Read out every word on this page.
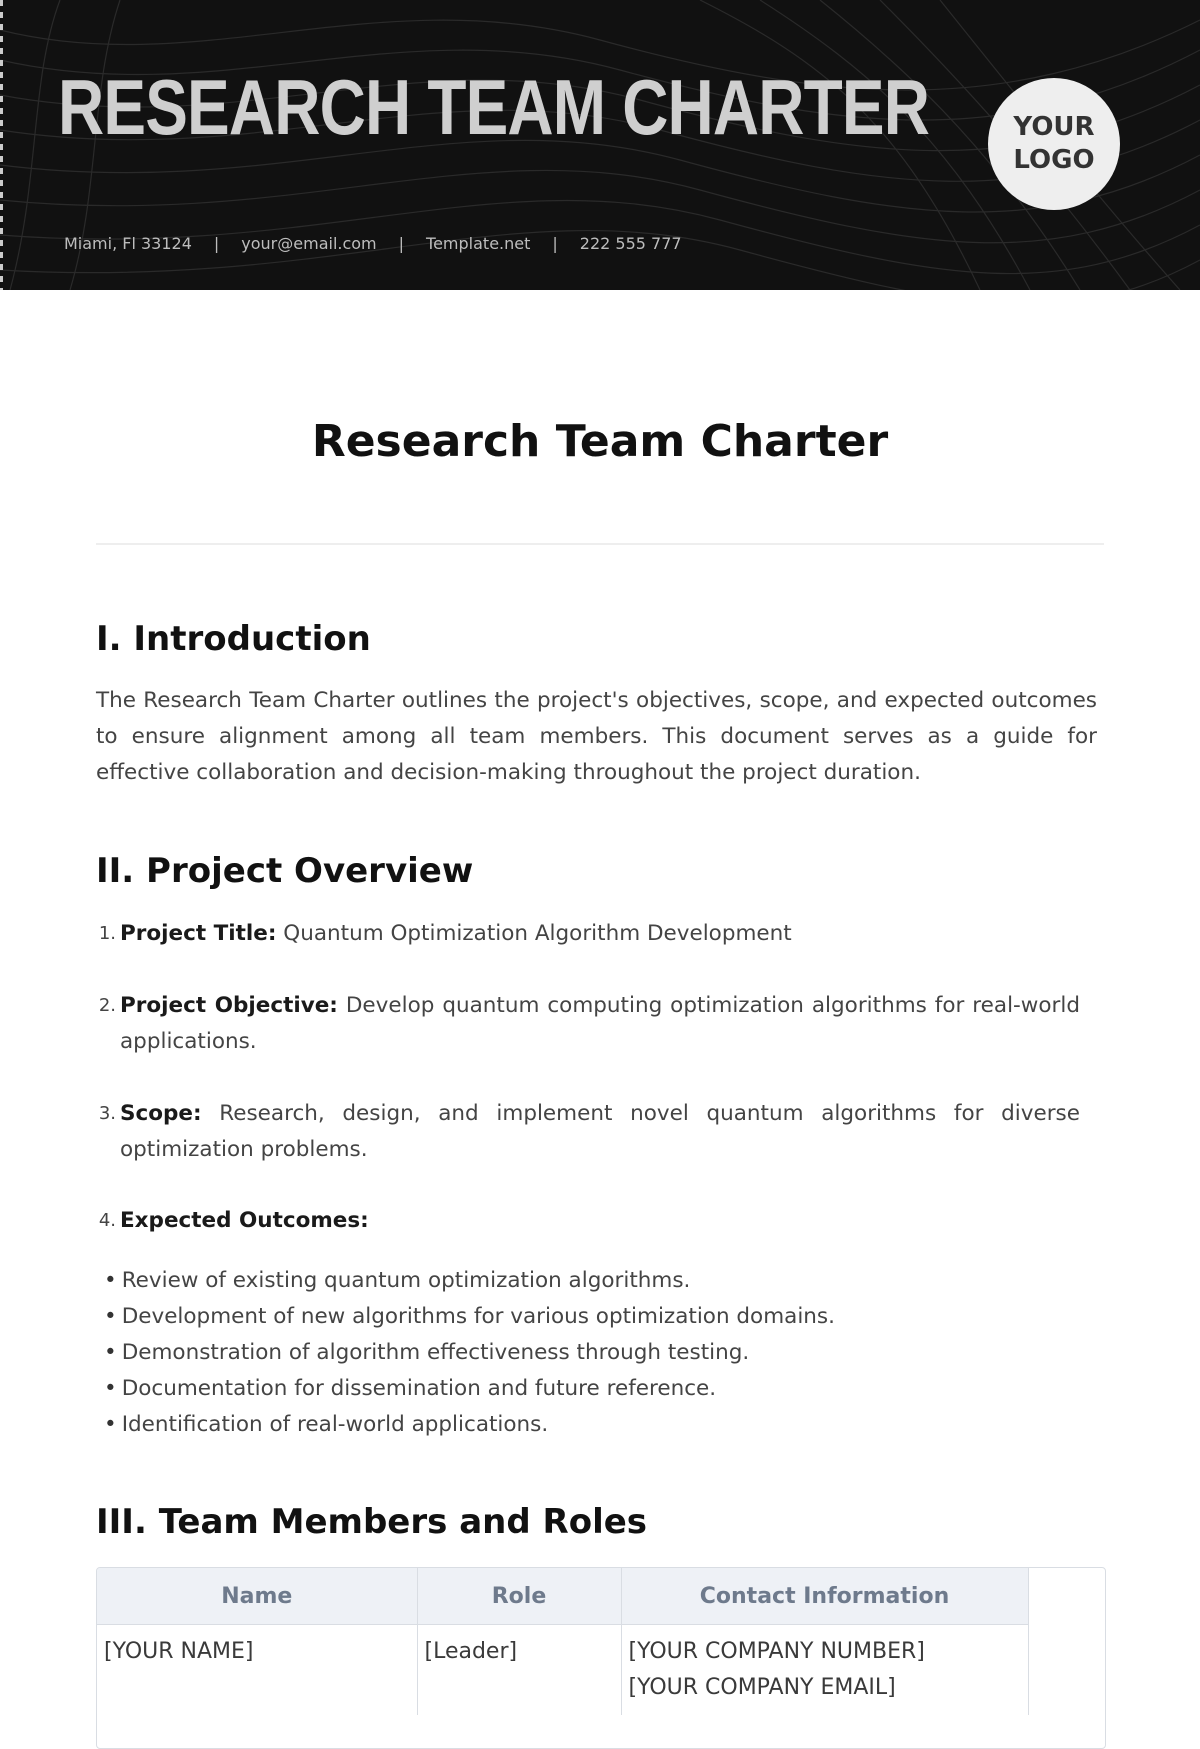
RESEARCH TEAM CHARTER
Miami, Fl 33124 | your@email.com | Template.net | 222 555 777
YOUR
LOGO
Research Team Charter
I. Introduction
The Research Team Charter outlines the project's objectives, scope, and expected outcomes to ensure alignment among all team members. This document serves as a guide for effective collaboration and decision-making throughout the project duration.
II. Project Overview
1. Project Title: Quantum Optimization Algorithm Development
2. Project Objective: Develop quantum computing optimization algorithms for real-world applications.
3. Scope: Research, design, and implement novel quantum algorithms for diverse optimization problems.
4. Expected Outcomes:
• Review of existing quantum optimization algorithms.
• Development of new algorithms for various optimization domains.
• Demonstration of algorithm effectiveness through testing.
• Documentation for dissemination and future reference.
• Identification of real-world applications.
III. Team Members and Roles
Name	Role	Contact Information
[YOUR NAME]	[Leader]	[YOUR COMPANY NUMBER]
[YOUR COMPANY EMAIL]
